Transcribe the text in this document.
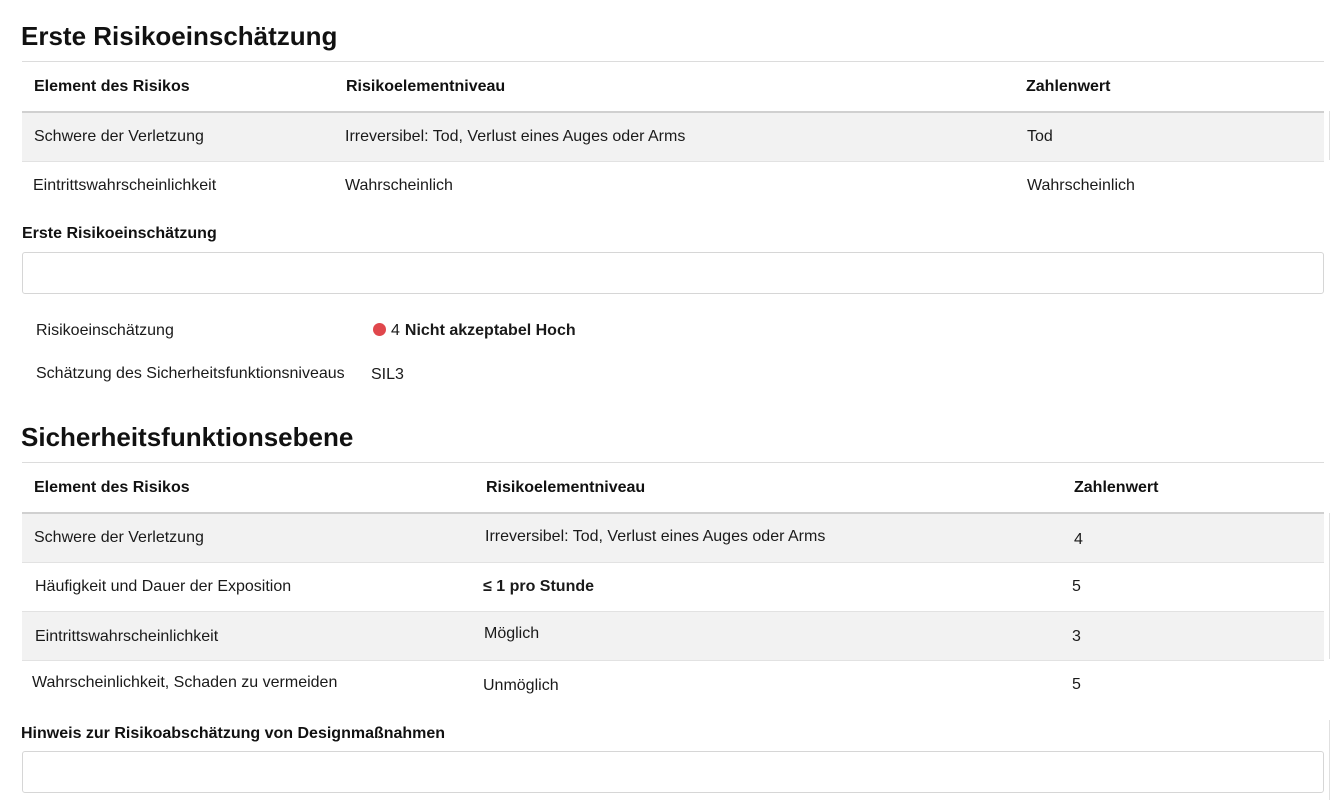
Erste Risikoeinschätzung
Element des Risikos	Risikoelementniveau	Zahlenwert
Schwere der Verletzung	Irreversibel: Tod, Verlust eines Auges oder Arms	Tod
Eintrittswahrscheinlichkeit	Wahrscheinlich	Wahrscheinlich
Erste Risikoeinschätzung
Risikoeinschätzung	4 Nicht akzeptabel Hoch
Schätzung des Sicherheitsfunktionsniveaus SIL3
Sicherheitsfunktionsebene
Element des Risikos	Risikoelementniveau	Zahlenwert
Schwere der Verletzung	Irreversibel: Tod, Verlust eines Auges oder Arms	4
Häufigkeit und Dauer der Exposition	≤ 1 pro Stunde	5
Eintrittswahrscheinlichkeit	Möglich	3
Wahrscheinlichkeit, Schaden zu vermeiden	Unmöglich	5
Hinweis zur Risikoabschätzung von Designmaßnahmen
